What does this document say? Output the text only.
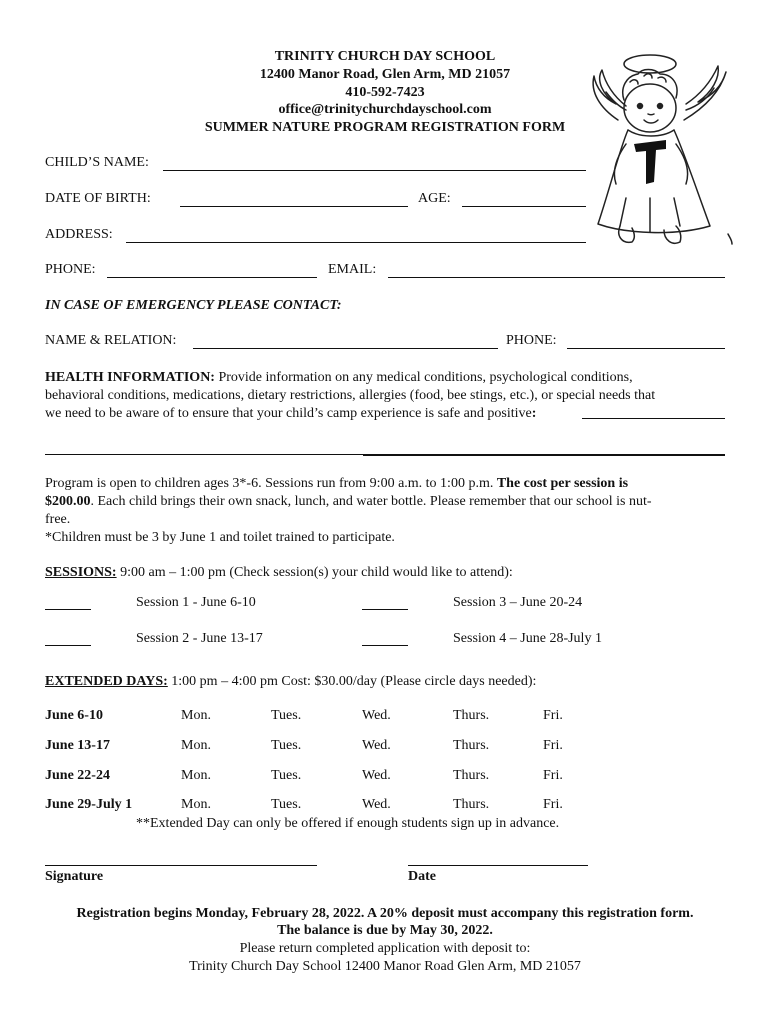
TRINITY CHURCH DAY SCHOOL
12400 Manor Road, Glen Arm, MD 21057
410-592-7423
office@trinitychurchdayschool.com
SUMMER NATURE PROGRAM REGISTRATION FORM
CHILD’S NAME:
DATE OF BIRTH:	AGE:
ADDRESS:
PHONE:	EMAIL:
IN CASE OF EMERGENCY PLEASE CONTACT:
NAME & RELATION:	PHONE:
HEALTH INFORMATION: Provide information on any medical conditions, psychological conditions,
behavioral conditions, medications, dietary restrictions, allergies (food, bee stings, etc.), or special needs that
we need to be aware of to ensure that your child’s camp experience is safe and positive:
Program is open to children ages 3*-6. Sessions run from 9:00 a.m. to 1:00 p.m. The cost per session is
$200.00. Each child brings their own snack, lunch, and water bottle. Please remember that our school is nut-
free.
*Children must be 3 by June 1 and toilet trained to participate.
SESSIONS: 9:00 am – 1:00 pm (Check session(s) your child would like to attend):
Session 1 - June 6-10	Session 3 – June 20-24
Session 2 - June 13-17	Session 4 – June 28-July 1
EXTENDED DAYS: 1:00 pm – 4:00 pm Cost: $30.00/day (Please circle days needed):
June 6-10	Mon.	Tues.	Wed.	Thurs.	Fri.
June 13-17	Mon.	Tues.	Wed.	Thurs.	Fri.
June 22-24	Mon.	Tues.	Wed.	Thurs.	Fri.
June 29-July 1	Mon.	Tues.	Wed.	Thurs.	Fri.
**Extended Day can only be offered if enough students sign up in advance.
Signature	Date
Registration begins Monday, February 28, 2022. A 20% deposit must accompany this registration form.
The balance is due by May 30, 2022.
Please return completed application with deposit to:
Trinity Church Day School 12400 Manor Road Glen Arm, MD 21057
